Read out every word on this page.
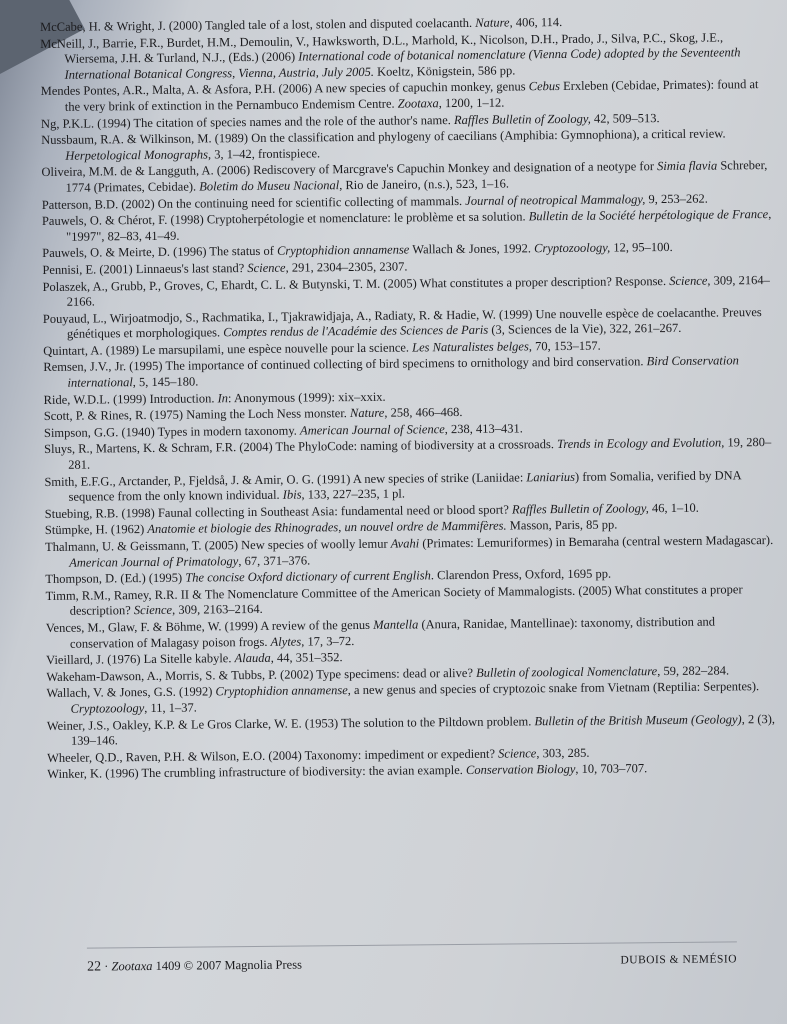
McCabe, H. & Wright, J. (2000) Tangled tale of a lost, stolen and disputed coelacanth. Nature, 406, 114.
McNeill, J., Barrie, F.R., Burdet, H.M., Demoulin, V., Hawksworth, D.L., Marhold, K., Nicolson, D.H., Prado, J., Silva, P.C., Skog, J.E., Wiersema, J.H. & Turland, N.J., (Eds.) (2006) International code of botanical nomenclature (Vienna Code) adopted by the Seventeenth International Botanical Congress, Vienna, Austria, July 2005. Koeltz, Königstein, 586 pp.
Mendes Pontes, A.R., Malta, A. & Asfora, P.H. (2006) A new species of capuchin monkey, genus Cebus Erxleben (Cebidae, Primates): found at the very brink of extinction in the Pernambuco Endemism Centre. Zootaxa, 1200, 1–12.
Ng, P.K.L. (1994) The citation of species names and the role of the author's name. Raffles Bulletin of Zoology, 42, 509–513.
Nussbaum, R.A. & Wilkinson, M. (1989) On the classification and phylogeny of caecilians (Amphibia: Gymnophiona), a critical review. Herpetological Monographs, 3, 1–42, frontispiece.
Oliveira, M.M. de & Langguth, A. (2006) Rediscovery of Marcgrave's Capuchin Monkey and designation of a neotype for Simia flavia Schreber, 1774 (Primates, Cebidae). Boletim do Museu Nacional, Rio de Janeiro, (n.s.), 523, 1–16.
Patterson, B.D. (2002) On the continuing need for scientific collecting of mammals. Journal of neotropical Mammalogy, 9, 253–262.
Pauwels, O. & Chérot, F. (1998) Cryptoherpétologie et nomenclature: le problème et sa solution. Bulletin de la Société herpétologique de France, "1997", 82–83, 41–49.
Pauwels, O. & Meirte, D. (1996) The status of Cryptophidion annamense Wallach & Jones, 1992. Cryptozoology, 12, 95–100.
Pennisi, E. (2001) Linnaeus's last stand? Science, 291, 2304–2305, 2307.
Polaszek, A., Grubb, P., Groves, C, Ehardt, C. L. & Butynski, T. M. (2005) What constitutes a proper description? Response. Science, 309, 2164–2166.
Pouyaud, L., Wirjoatmodjo, S., Rachmatika, I., Tjakrawidjaja, A., Radiaty, R. & Hadie, W. (1999) Une nouvelle espèce de coelacanthe. Preuves génétiques et morphologiques. Comptes rendus de l'Académie des Sciences de Paris (3, Sciences de la Vie), 322, 261–267.
Quintart, A. (1989) Le marsupilami, une espèce nouvelle pour la science. Les Naturalistes belges, 70, 153–157.
Remsen, J.V., Jr. (1995) The importance of continued collecting of bird specimens to ornithology and bird conservation. Bird Conservation international, 5, 145–180.
Ride, W.D.L. (1999) Introduction. In: Anonymous (1999): xix–xxix.
Scott, P. & Rines, R. (1975) Naming the Loch Ness monster. Nature, 258, 466–468.
Simpson, G.G. (1940) Types in modern taxonomy. American Journal of Science, 238, 413–431.
Sluys, R., Martens, K. & Schram, F.R. (2004) The PhyloCode: naming of biodiversity at a crossroads. Trends in Ecology and Evolution, 19, 280–281.
Smith, E.F.G., Arctander, P., Fjeldså, J. & Amir, O. G. (1991) A new species of strike (Laniidae: Laniarius) from Somalia, verified by DNA sequence from the only known individual. Ibis, 133, 227–235, 1 pl.
Stuebing, R.B. (1998) Faunal collecting in Southeast Asia: fundamental need or blood sport? Raffles Bulletin of Zoology, 46, 1–10.
Stümpke, H. (1962) Anatomie et biologie des Rhinogrades, un nouvel ordre de Mammifères. Masson, Paris, 85 pp.
Thalmann, U. & Geissmann, T. (2005) New species of woolly lemur Avahi (Primates: Lemuriformes) in Bemaraha (central western Madagascar). American Journal of Primatology, 67, 371–376.
Thompson, D. (Ed.) (1995) The concise Oxford dictionary of current English. Clarendon Press, Oxford, 1695 pp.
Timm, R.M., Ramey, R.R. II & The Nomenclature Committee of the American Society of Mammalogists. (2005) What constitutes a proper description? Science, 309, 2163–2164.
Vences, M., Glaw, F. & Böhme, W. (1999) A review of the genus Mantella (Anura, Ranidae, Mantellinae): taxonomy, distribution and conservation of Malagasy poison frogs. Alytes, 17, 3–72.
Vieillard, J. (1976) La Sitelle kabyle. Alauda, 44, 351–352.
Wakeham-Dawson, A., Morris, S. & Tubbs, P. (2002) Type specimens: dead or alive? Bulletin of zoological Nomenclature, 59, 282–284.
Wallach, V. & Jones, G.S. (1992) Cryptophidion annamense, a new genus and species of cryptozoic snake from Vietnam (Reptilia: Serpentes). Cryptozoology, 11, 1–37.
Weiner, J.S., Oakley, K.P. & Le Gros Clarke, W. E. (1953) The solution to the Piltdown problem. Bulletin of the British Museum (Geology), 2 (3), 139–146.
Wheeler, Q.D., Raven, P.H. & Wilson, E.O. (2004) Taxonomy: impediment or expedient? Science, 303, 285.
Winker, K. (1996) The crumbling infrastructure of biodiversity: the avian example. Conservation Biology, 10, 703–707.
22 · Zootaxa 1409 © 2007 Magnolia Press	DUBOIS & NEMÉSIO
